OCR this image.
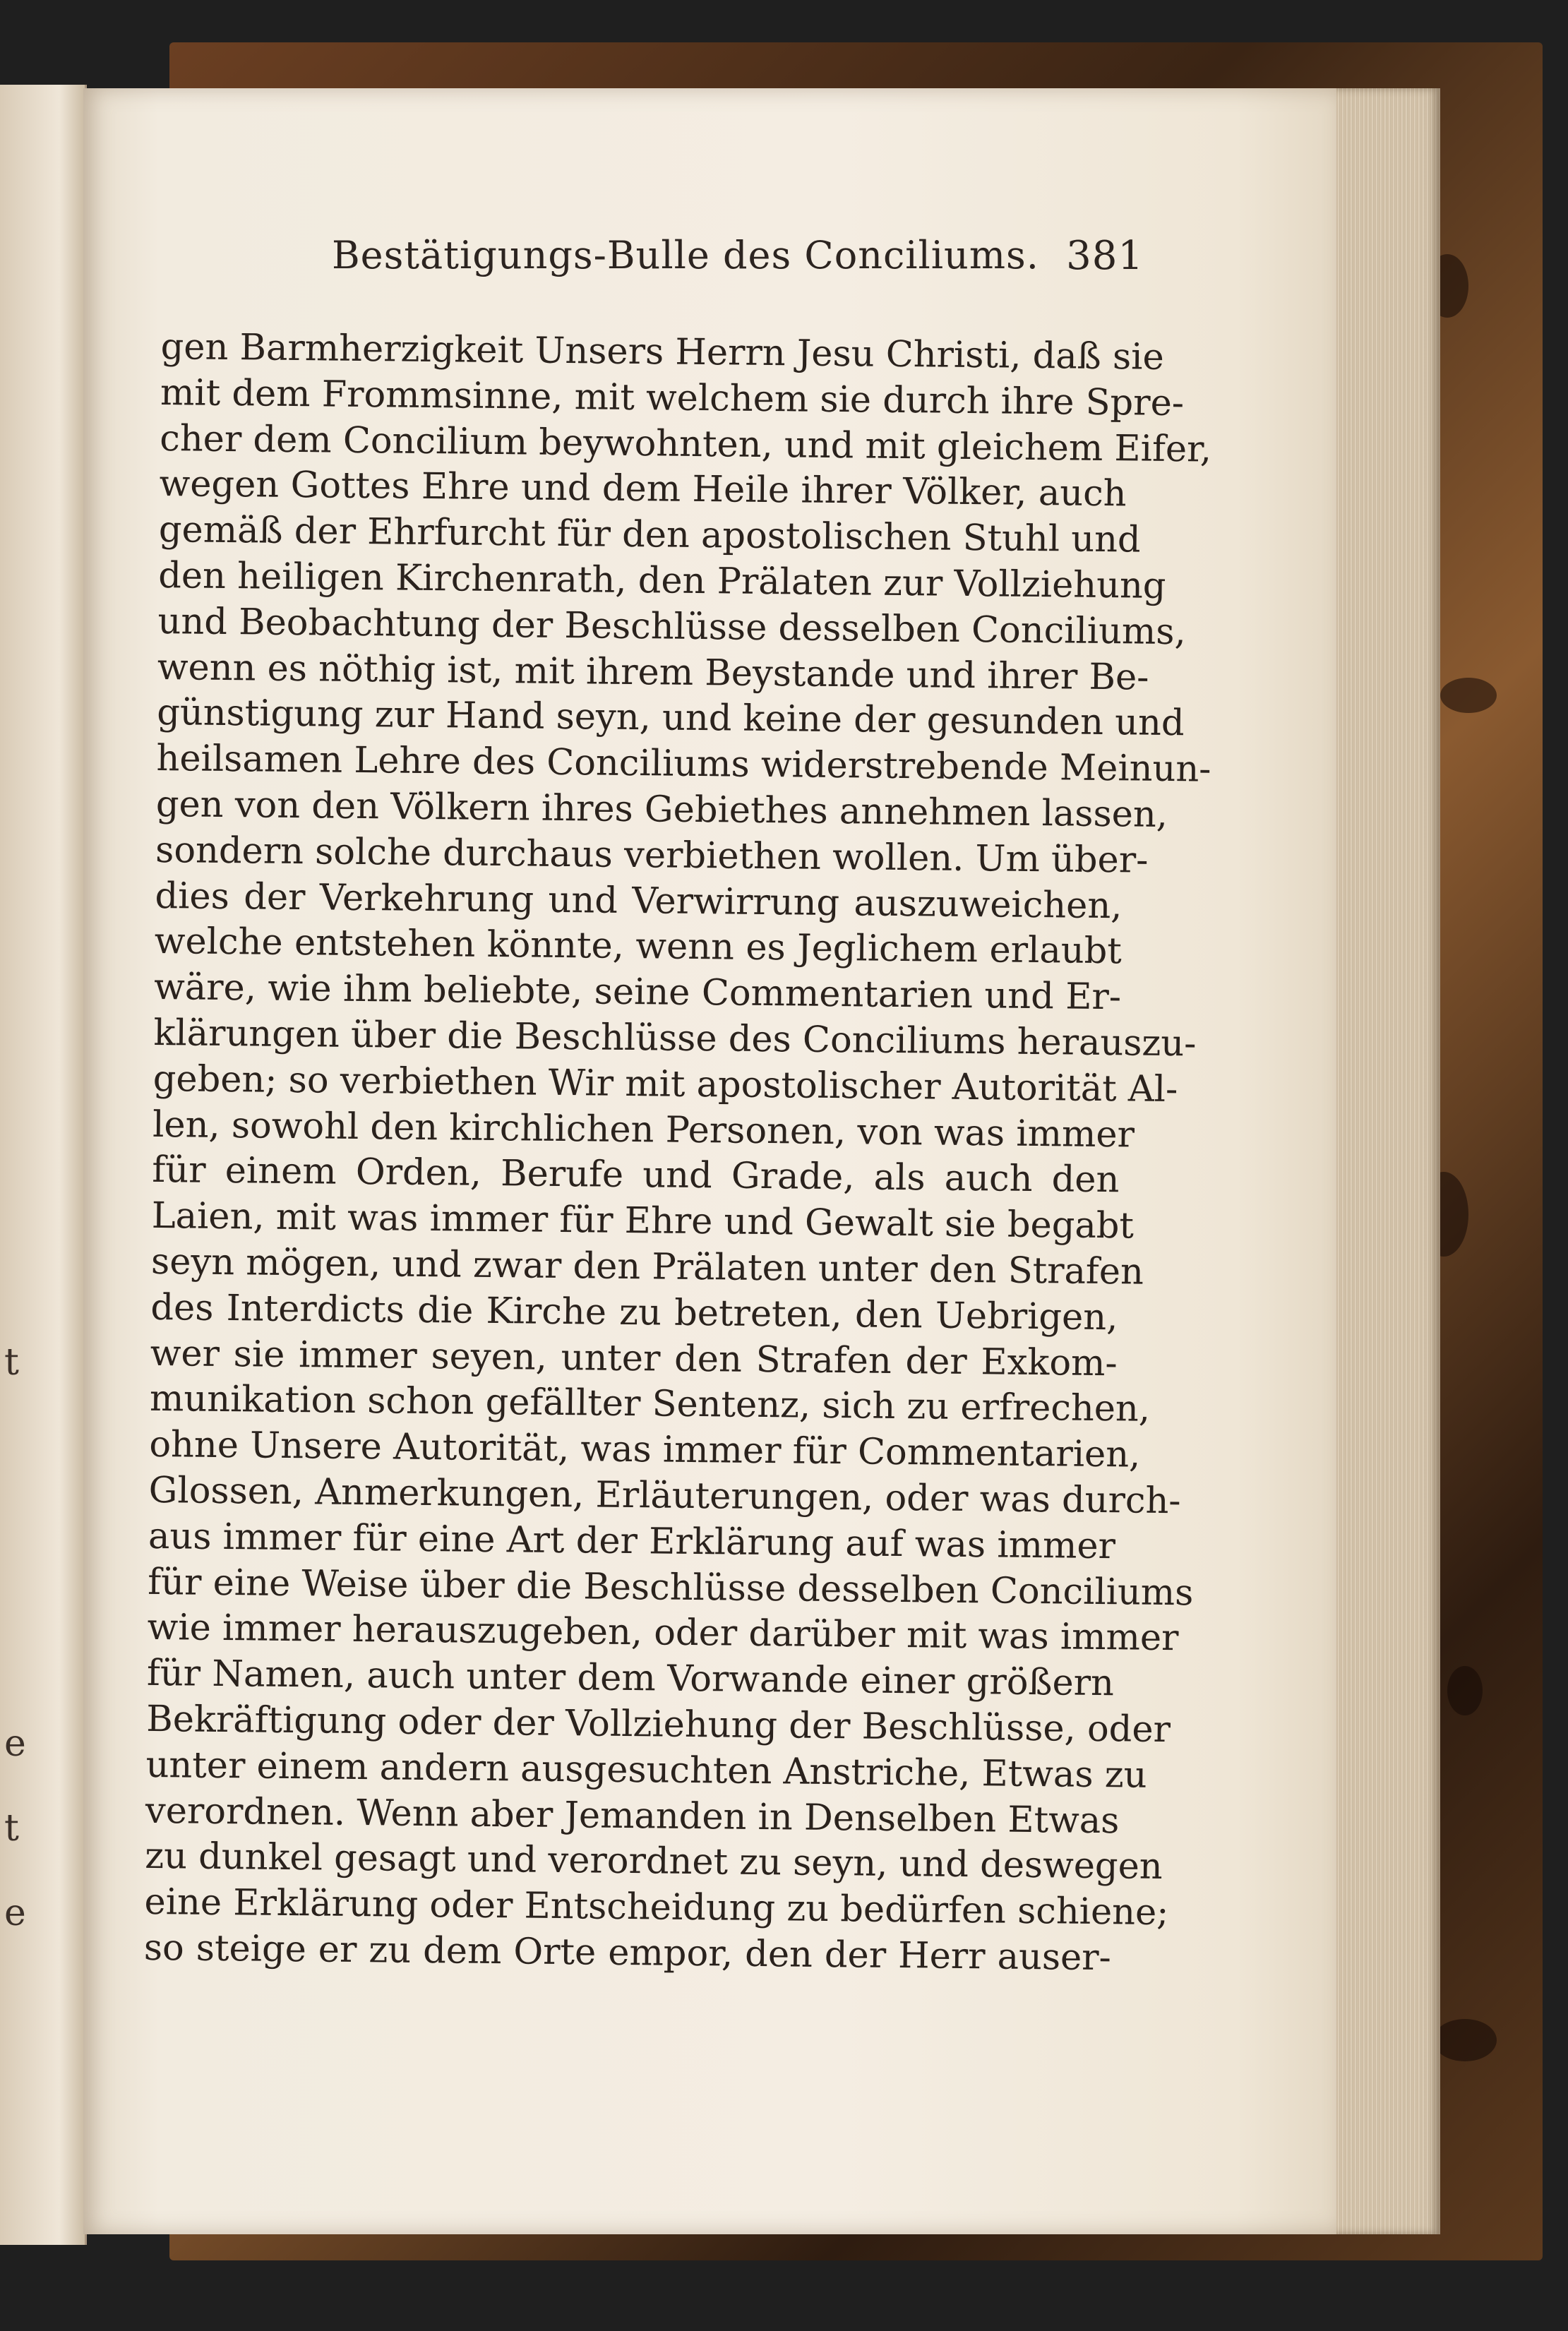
t
e
t
e
Bestätigungs-Bulle des Conciliums. 381
gen Barmherzigkeit Unsers Herrn Jesu Christi, daß sie
mit dem Frommsinne, mit welchem sie durch ihre Spre-
cher dem Concilium beywohnten, und mit gleichem Eifer,
wegen Gottes Ehre und dem Heile ihrer Völker, auch
gemäß der Ehrfurcht für den apostolischen Stuhl und
den heiligen Kirchenrath, den Prälaten zur Vollziehung
und Beobachtung der Beschlüsse desselben Conciliums,
wenn es nöthig ist, mit ihrem Beystande und ihrer Be-
günstigung zur Hand seyn, und keine der gesunden und
heilsamen Lehre des Conciliums widerstrebende Meinun-
gen von den Völkern ihres Gebiethes annehmen lassen,
sondern solche durchaus verbiethen wollen. Um über-
dies der Verkehrung und Verwirrung auszuweichen,
welche entstehen könnte, wenn es Jeglichem erlaubt
wäre, wie ihm beliebte, seine Commentarien und Er-
klärungen über die Beschlüsse des Conciliums herauszu-
geben; so verbiethen Wir mit apostolischer Autorität Al-
len, sowohl den kirchlichen Personen, von was immer
für einem Orden, Berufe und Grade, als auch den
Laien, mit was immer für Ehre und Gewalt sie begabt
seyn mögen, und zwar den Prälaten unter den Strafen
des Interdicts die Kirche zu betreten, den Uebrigen,
wer sie immer seyen, unter den Strafen der Exkom-
munikation schon gefällter Sentenz, sich zu erfrechen,
ohne Unsere Autorität, was immer für Commentarien,
Glossen, Anmerkungen, Erläuterungen, oder was durch-
aus immer für eine Art der Erklärung auf was immer
für eine Weise über die Beschlüsse desselben Conciliums
wie immer herauszugeben, oder darüber mit was immer
für Namen, auch unter dem Vorwande einer größern
Bekräftigung oder der Vollziehung der Beschlüsse, oder
unter einem andern ausgesuchten Anstriche, Etwas zu
verordnen. Wenn aber Jemanden in Denselben Etwas
zu dunkel gesagt und verordnet zu seyn, und deswegen
eine Erklärung oder Entscheidung zu bedürfen schiene;
so steige er zu dem Orte empor, den der Herr auser-
